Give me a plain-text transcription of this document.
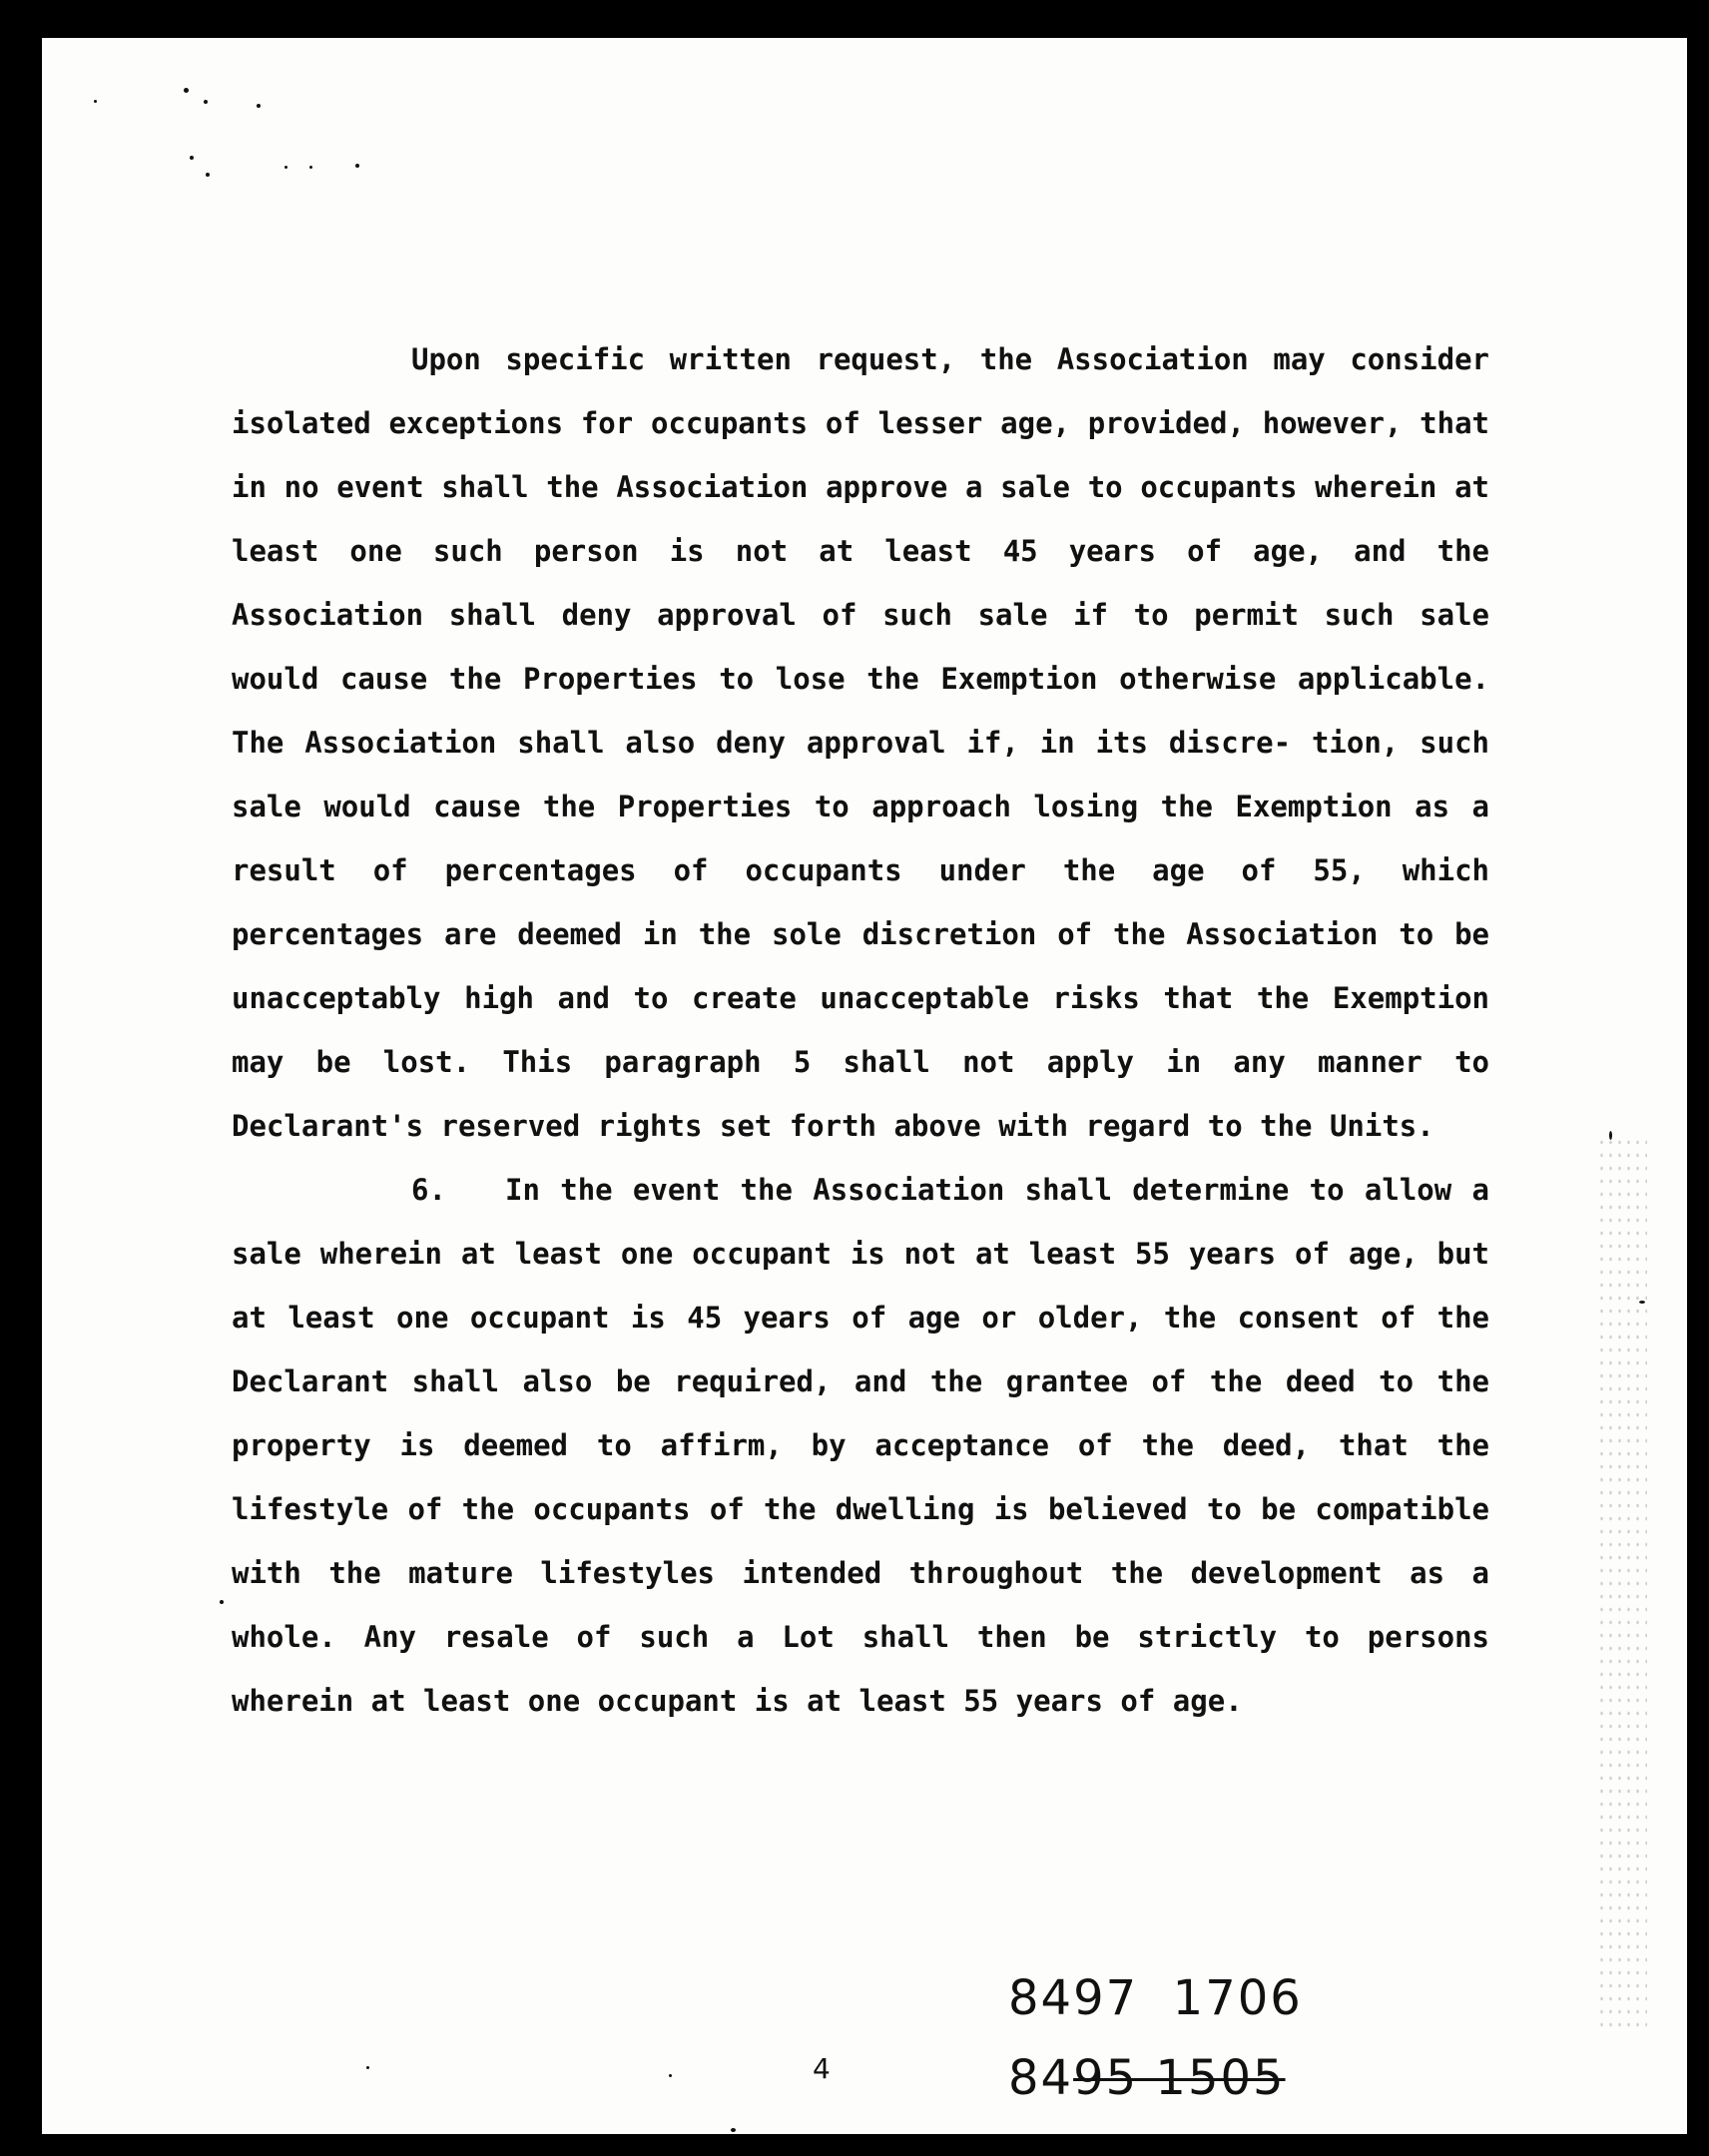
Upon specific written request, the Association may consider isolated exceptions for occupants of lesser age, provided, however, that in no event shall the Association approve a sale to occupants wherein at least one such person is not at least 45 years of age, and the Association shall deny approval of such sale if to permit such sale would cause the Properties to lose the Exemption otherwise applicable. The Association shall also deny approval if, in its discre- tion, such sale would cause the Properties to approach losing the Exemption as a result of percentages of occupants under the age of 55, which percentages are deemed in the sole discretion of the Association to be unacceptably high and to create unacceptable risks that the Exemption may be lost. This paragraph 5 shall not apply in any manner to Declarant's reserved rights set forth above with regard to the Units.

6. In the event the Association shall determine to allow a sale wherein at least one occupant is not at least 55 years of age, but at least one occupant is 45 years of age or older, the consent of the Declarant shall also be required, and the grantee of the deed to the property is deemed to affirm, by acceptance of the deed, that the lifestyle of the occupants of the dwelling is believed to be compatible with the mature lifestyles intended throughout the development as a whole. Any resale of such a Lot shall then be strictly to persons wherein at least one occupant is at least 55 years of age.

8497  1706
4	8495 1505
